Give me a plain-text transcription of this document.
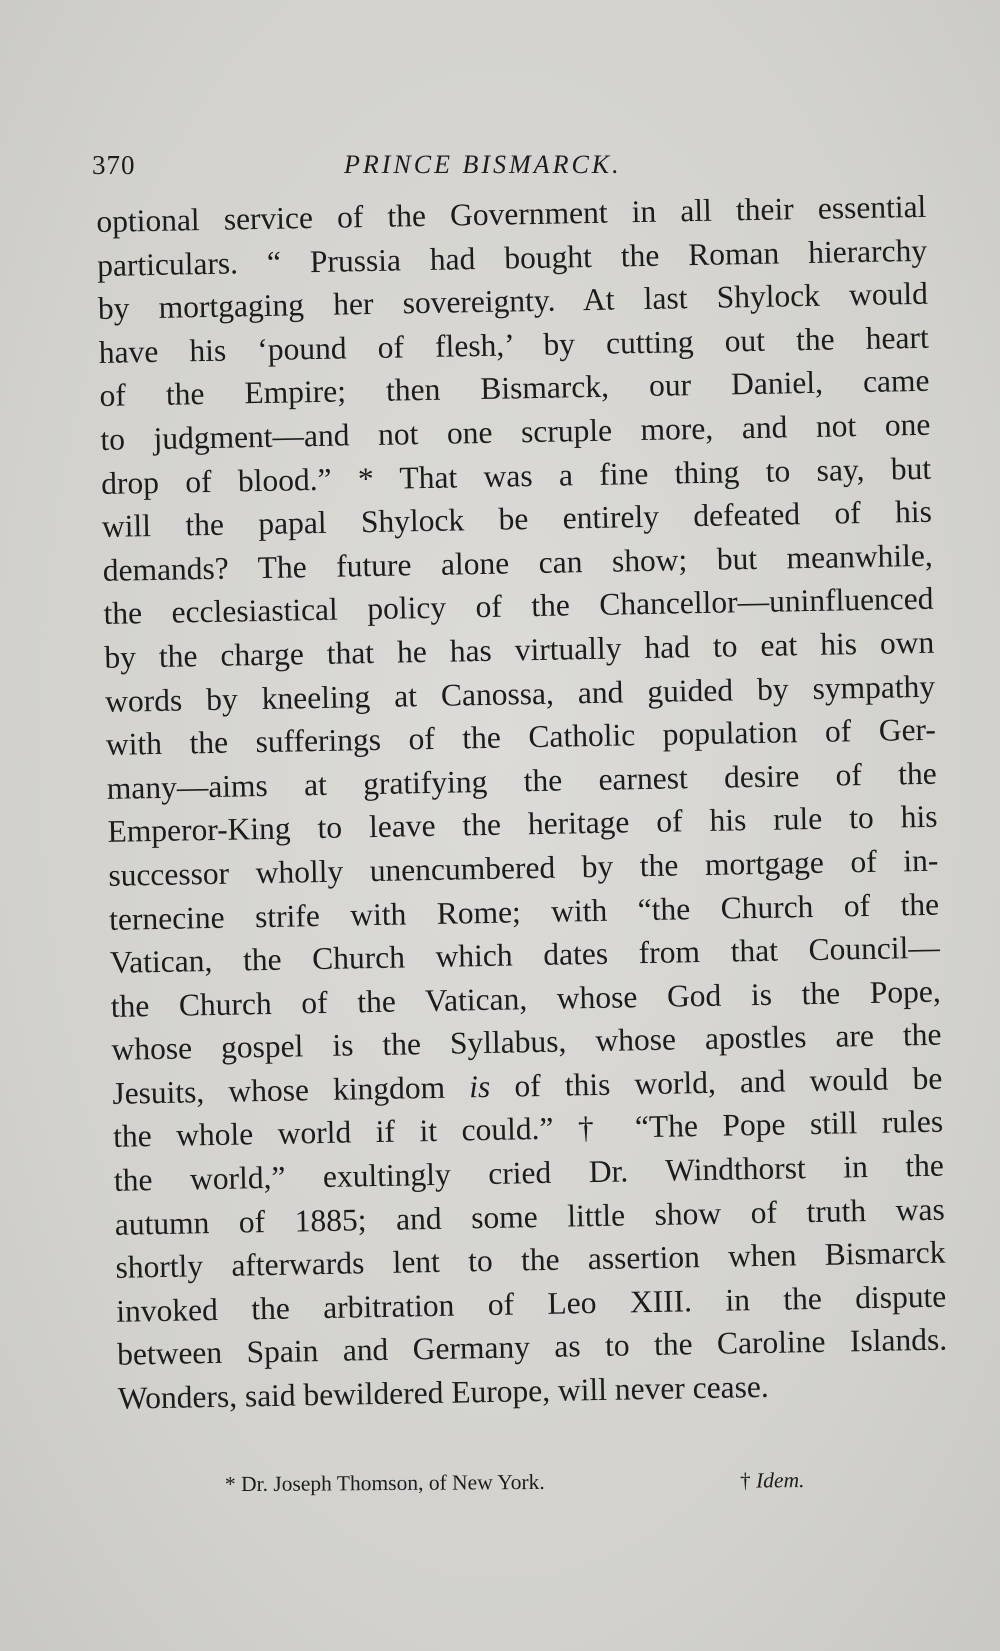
370	PRINCE BISMARCK.
optional service of the Government in all their essential
particulars. “ Prussia had bought the Roman hierarchy
by mortgaging her sovereignty. At last Shylock would
have his ‘pound of flesh,’ by cutting out the heart
of the Empire; then Bismarck, our Daniel, came
to judgment—and not one scruple more, and not one
drop of blood.” * That was a fine thing to say, but
will the papal Shylock be entirely defeated of his
demands? The future alone can show; but meanwhile,
the ecclesiastical policy of the Chancellor—uninfluenced
by the charge that he has virtually had to eat his own
words by kneeling at Canossa, and guided by sympathy
with the sufferings of the Catholic population of Ger-
many—aims at gratifying the earnest desire of the
Emperor-King to leave the heritage of his rule to his
successor wholly unencumbered by the mortgage of in-
ternecine strife with Rome; with “the Church of the
Vatican, the Church which dates from that Council—
the Church of the Vatican, whose God is the Pope,
whose gospel is the Syllabus, whose apostles are the
Jesuits, whose kingdom is of this world, and would be
the whole world if it could.” † “The Pope still rules
the world,” exultingly cried Dr. Windthorst in the
autumn of 1885; and some little show of truth was
shortly afterwards lent to the assertion when Bismarck
invoked the arbitration of Leo XIII. in the dispute
between Spain and Germany as to the Caroline Islands.
Wonders, said bewildered Europe, will never cease.
* Dr. Joseph Thomson, of New York.	† Idem.
